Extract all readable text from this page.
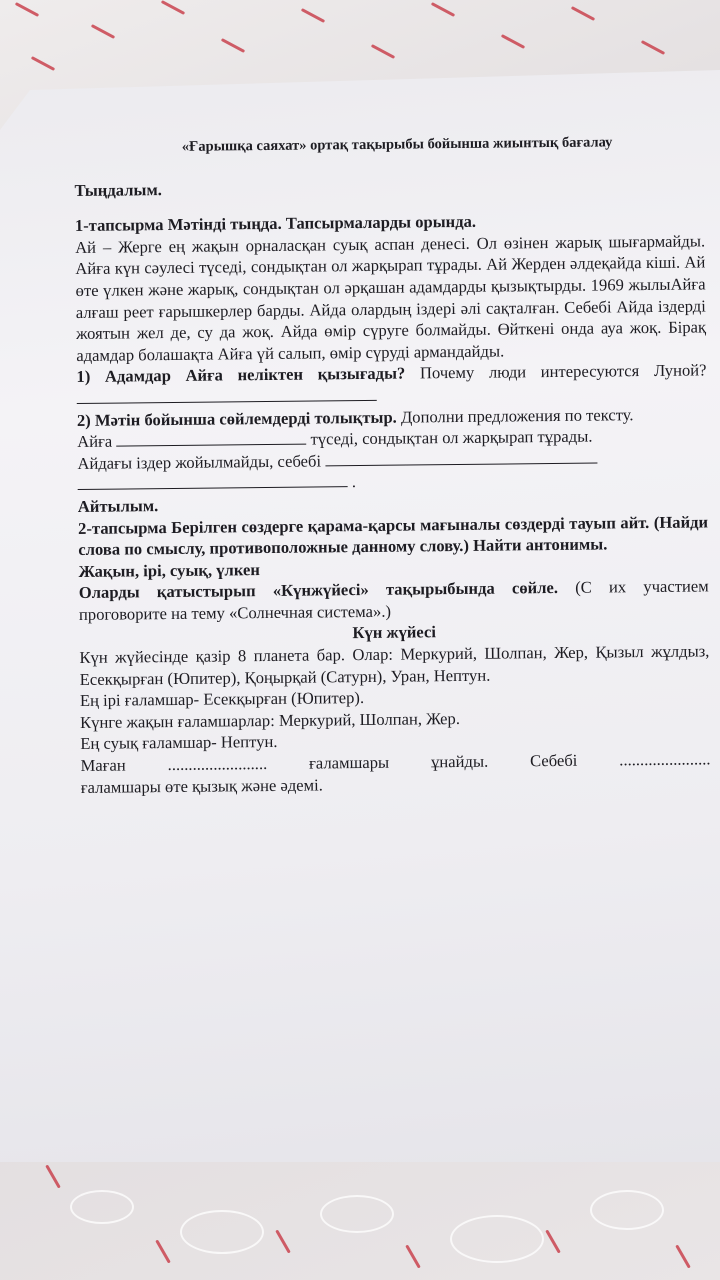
«Ғарышқа саяхат» ортақ тақырыбы бойынша жиынтық бағалау

Тыңдалым.

1-тапсырма Мәтінді тыңда. Тапсырмаларды орында.

Ай – Жерге ең жақын орналасқан суық аспан денесі. Ол өзінен жарық шығармайды. Айға күн сәулесі түседі, сондықтан ол жарқырап тұрады. Ай Жерден әлдеқайда кіші. Ай өте үлкен және жарық, сондықтан ол әрқашан адамдарды қызықтырды. 1969 жылыАйға алғаш реет ғарышкерлер барды. Айда олардың іздері әлі сақталған. Себебі Айда іздерді жоятын жел де, су да жоқ. Айда өмір сүруге болмайды. Өйткені онда ауа жоқ. Бірақ адамдар болашақта Айға үй салып, өмір сүруді армандайды.

1) Адамдар Айға неліктен қызығады? Почему люди интересуются Луной?

2) Мәтін бойынша сөйлемдерді толықтыр. Дополни предложения по тексту.

Айға	түседі, сондықтан ол жарқырап тұрады.

Айдағы іздер жойылмайды, себебі

.

Айтылым.

2-тапсырма Берілген сөздерге қарама-қарсы мағыналы сөздерді тауып айт. (Найди слова по смыслу, противоположные данному слову.) Найти антонимы.

Жақын, ірі, суық, үлкен

Оларды қатыстырып «Күнжүйесі» тақырыбында сөйле. (С их участием проговорите на тему «Солнечная система».)

Күн жүйесі

Күн жүйесінде қазір 8 планета бар. Олар: Меркурий, Шолпан, Жер, Қызыл жұлдыз, Есекқырған (Юпитер), Қоңырқай (Сатурн), Уран, Нептун.

Ең ірі ғаламшар- Есекқырған (Юпитер).

Күнге жақын ғаламшарлар: Меркурий, Шолпан, Жер.

Ең суық ғаламшар- Нептун.

Маған	........................	ғаламшары	ұнайды.	Себебі	......................

ғаламшары өте қызық және әдемі.
